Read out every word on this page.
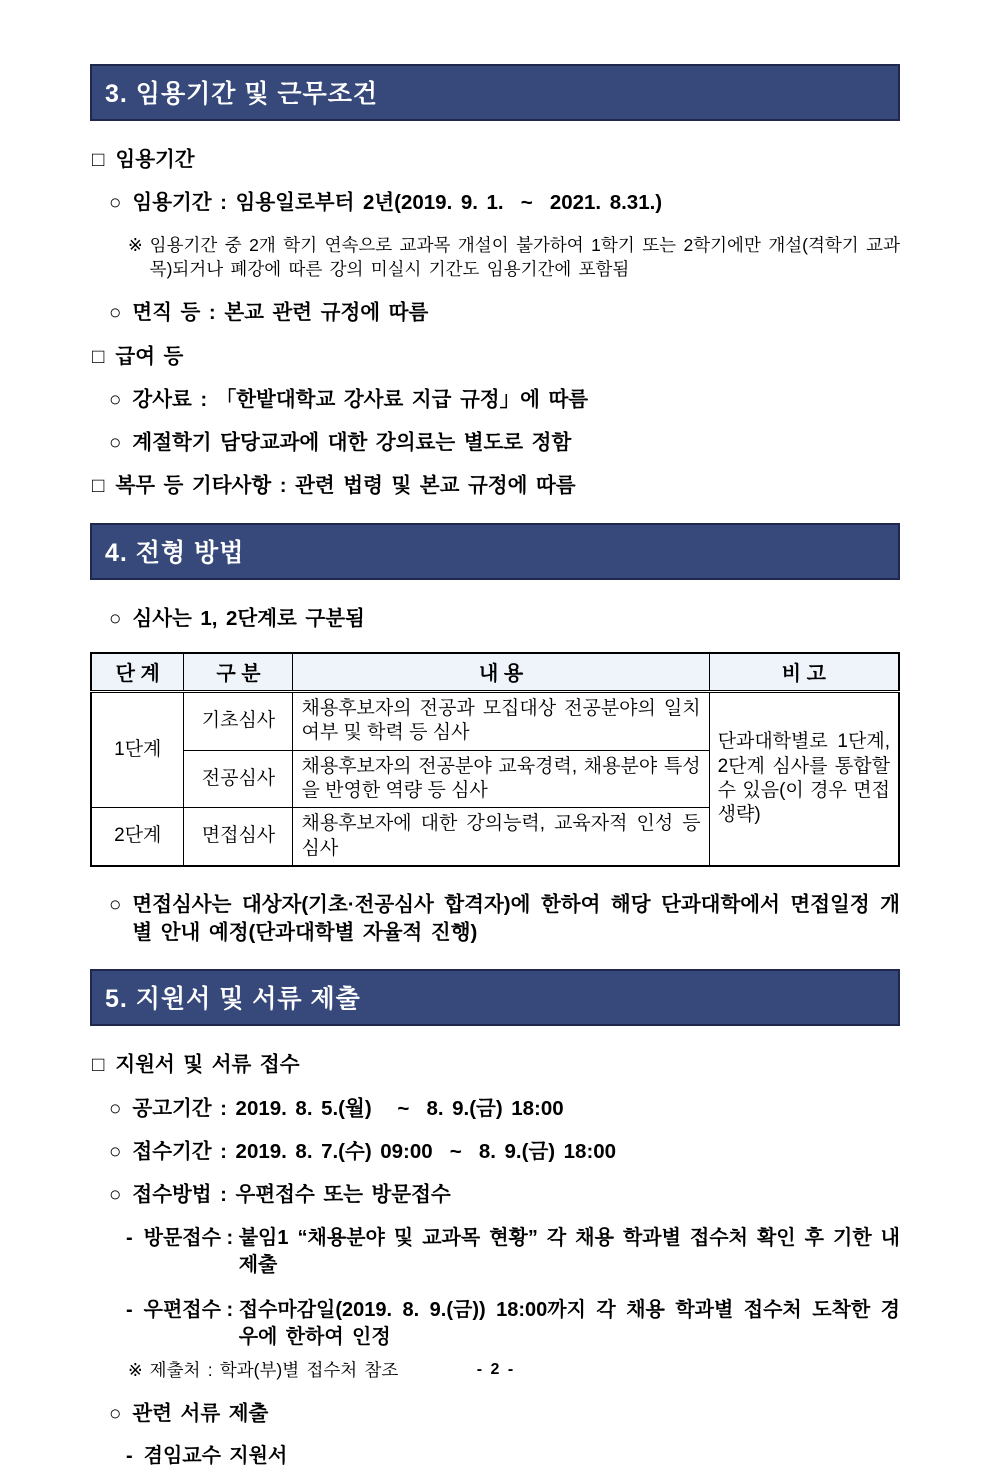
3. 임용기간 및 근무조건
□ 임용기간
○ 임용기간 : 임용일로부터 2년(2019. 9. 1.  ~  2021. 8.31.)
※ 임용기간 중 2개 학기 연속으로 교과목 개설이 불가하여 1학기 또는 2학기에만 개설(격학기 교과목)되거나 폐강에 따른 강의 미실시 기간도 임용기간에 포함됨
○ 면직 등 : 본교 관련 규정에 따름
□ 급여 등
○ 강사료 : 「한밭대학교 강사료 지급 규정」에 따름
○ 계절학기 담당교과에 대한 강의료는 별도로 정함
□ 복무 등 기타사항 : 관련 법령 및 본교 규정에 따름
4. 전형 방법
○ 심사는 1, 2단계로 구분됨
단 계	구 분	내 용	비 고
1단계	기초심사	채용후보자의 전공과 모집대상 전공분야의 일치여부 및 학력 등 심사	단과대학별로 1단계, 2단계 심사를 통합할 수 있음(이 경우 면접 생략)
	전공심사	채용후보자의 전공분야 교육경력, 채용분야 특성을 반영한 역량 등 심사	
2단계	면접심사	채용후보자에 대한 강의능력, 교육자적 인성 등 심사	
○ 면접심사는 대상자(기초·전공심사 합격자)에 한하여 해당 단과대학에서 면접일정 개별 안내 예정(단과대학별 자율적 진행)
5. 지원서 및 서류 제출
□ 지원서 및 서류 접수
○ 공고기간 : 2019. 8. 5.(월)   ~  8. 9.(금) 18:00
○ 접수기간 : 2019. 8. 7.(수) 09:00  ~  8. 9.(금) 18:00
○ 접수방법 : 우편접수 또는 방문접수
- 방문접수 : 붙임1 “채용분야 및 교과목 현황” 각 채용 학과별 접수처 확인 후 기한 내 제출
- 우편접수 : 접수마감일(2019. 8. 9.(금)) 18:00까지 각 채용 학과별 접수처 도착한 경우에 한하여 인정
※ 제출처 : 학과(부)별 접수처 참조
○ 관련 서류 제출
- 겸임교수 지원서
- 2 -
